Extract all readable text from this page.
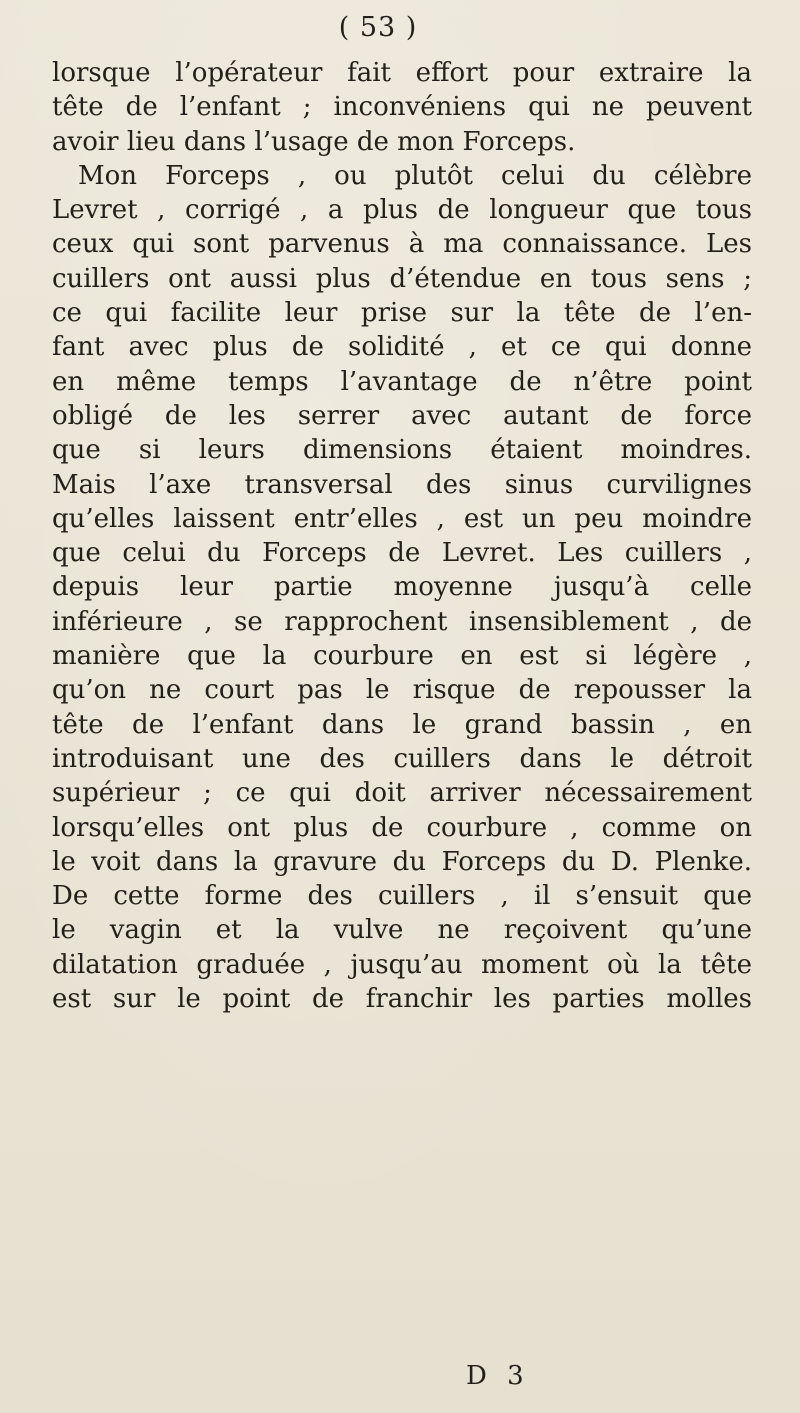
( 53 )
lorsque l’opérateur fait effort pour extraire la
tête de l’enfant ; inconvéniens qui ne peuvent
avoir lieu dans l’usage de mon Forceps.
Mon Forceps , ou plutôt celui du célèbre
Levret , corrigé , a plus de longueur que tous
ceux qui sont parvenus à ma connaissance. Les
cuillers ont aussi plus d’étendue en tous sens ;
ce qui facilite leur prise sur la tête de l’en-
fant avec plus de solidité , et ce qui donne
en même temps l’avantage de n’être point
obligé de les serrer avec autant de force
que si leurs dimensions étaient moindres.
Mais l’axe transversal des sinus curvilignes
qu’elles laissent entr’elles , est un peu moindre
que celui du Forceps de Levret. Les cuillers ,
depuis leur partie moyenne jusqu’à celle
inférieure , se rapprochent insensiblement , de
manière que la courbure en est si légère ,
qu’on ne court pas le risque de repousser la
tête de l’enfant dans le grand bassin , en
introduisant une des cuillers dans le détroit
supérieur ; ce qui doit arriver nécessairement
lorsqu’elles ont plus de courbure , comme on
le voit dans la gravure du Forceps du D. Plenke.
De cette forme des cuillers , il s’ensuit que
le vagin et la vulve ne reçoivent qu’une
dilatation graduée , jusqu’au moment où la tête
est sur le point de franchir les parties molles
D 3
